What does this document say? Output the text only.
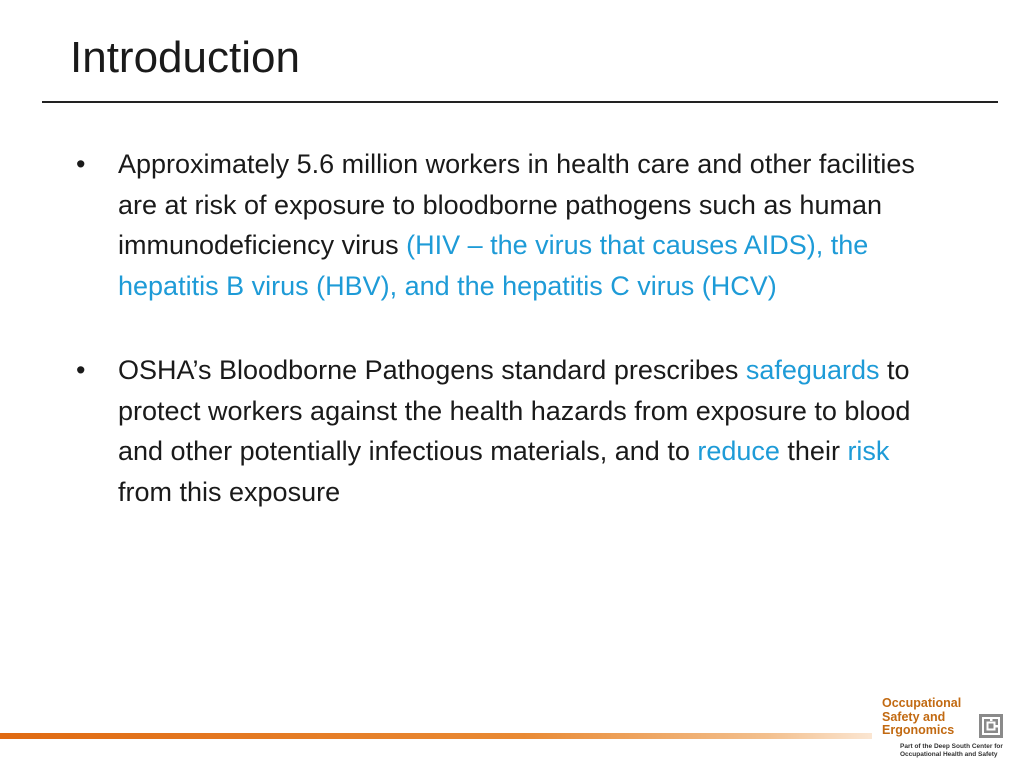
Introduction
•	Approximately 5.6 million workers in health care and other facilities are at risk of exposure to bloodborne pathogens such as human immunodeficiency virus (HIV – the virus that causes AIDS), the hepatitis B virus (HBV), and the hepatitis C virus (HCV)
•	OSHA’s Bloodborne Pathogens standard prescribes safeguards to protect workers against the health hazards from exposure to blood and other potentially infectious materials, and to reduce their risk from this exposure
Occupational
Safety and
Ergonomics
Part of the Deep South Center for
Occupational Health and Safety
